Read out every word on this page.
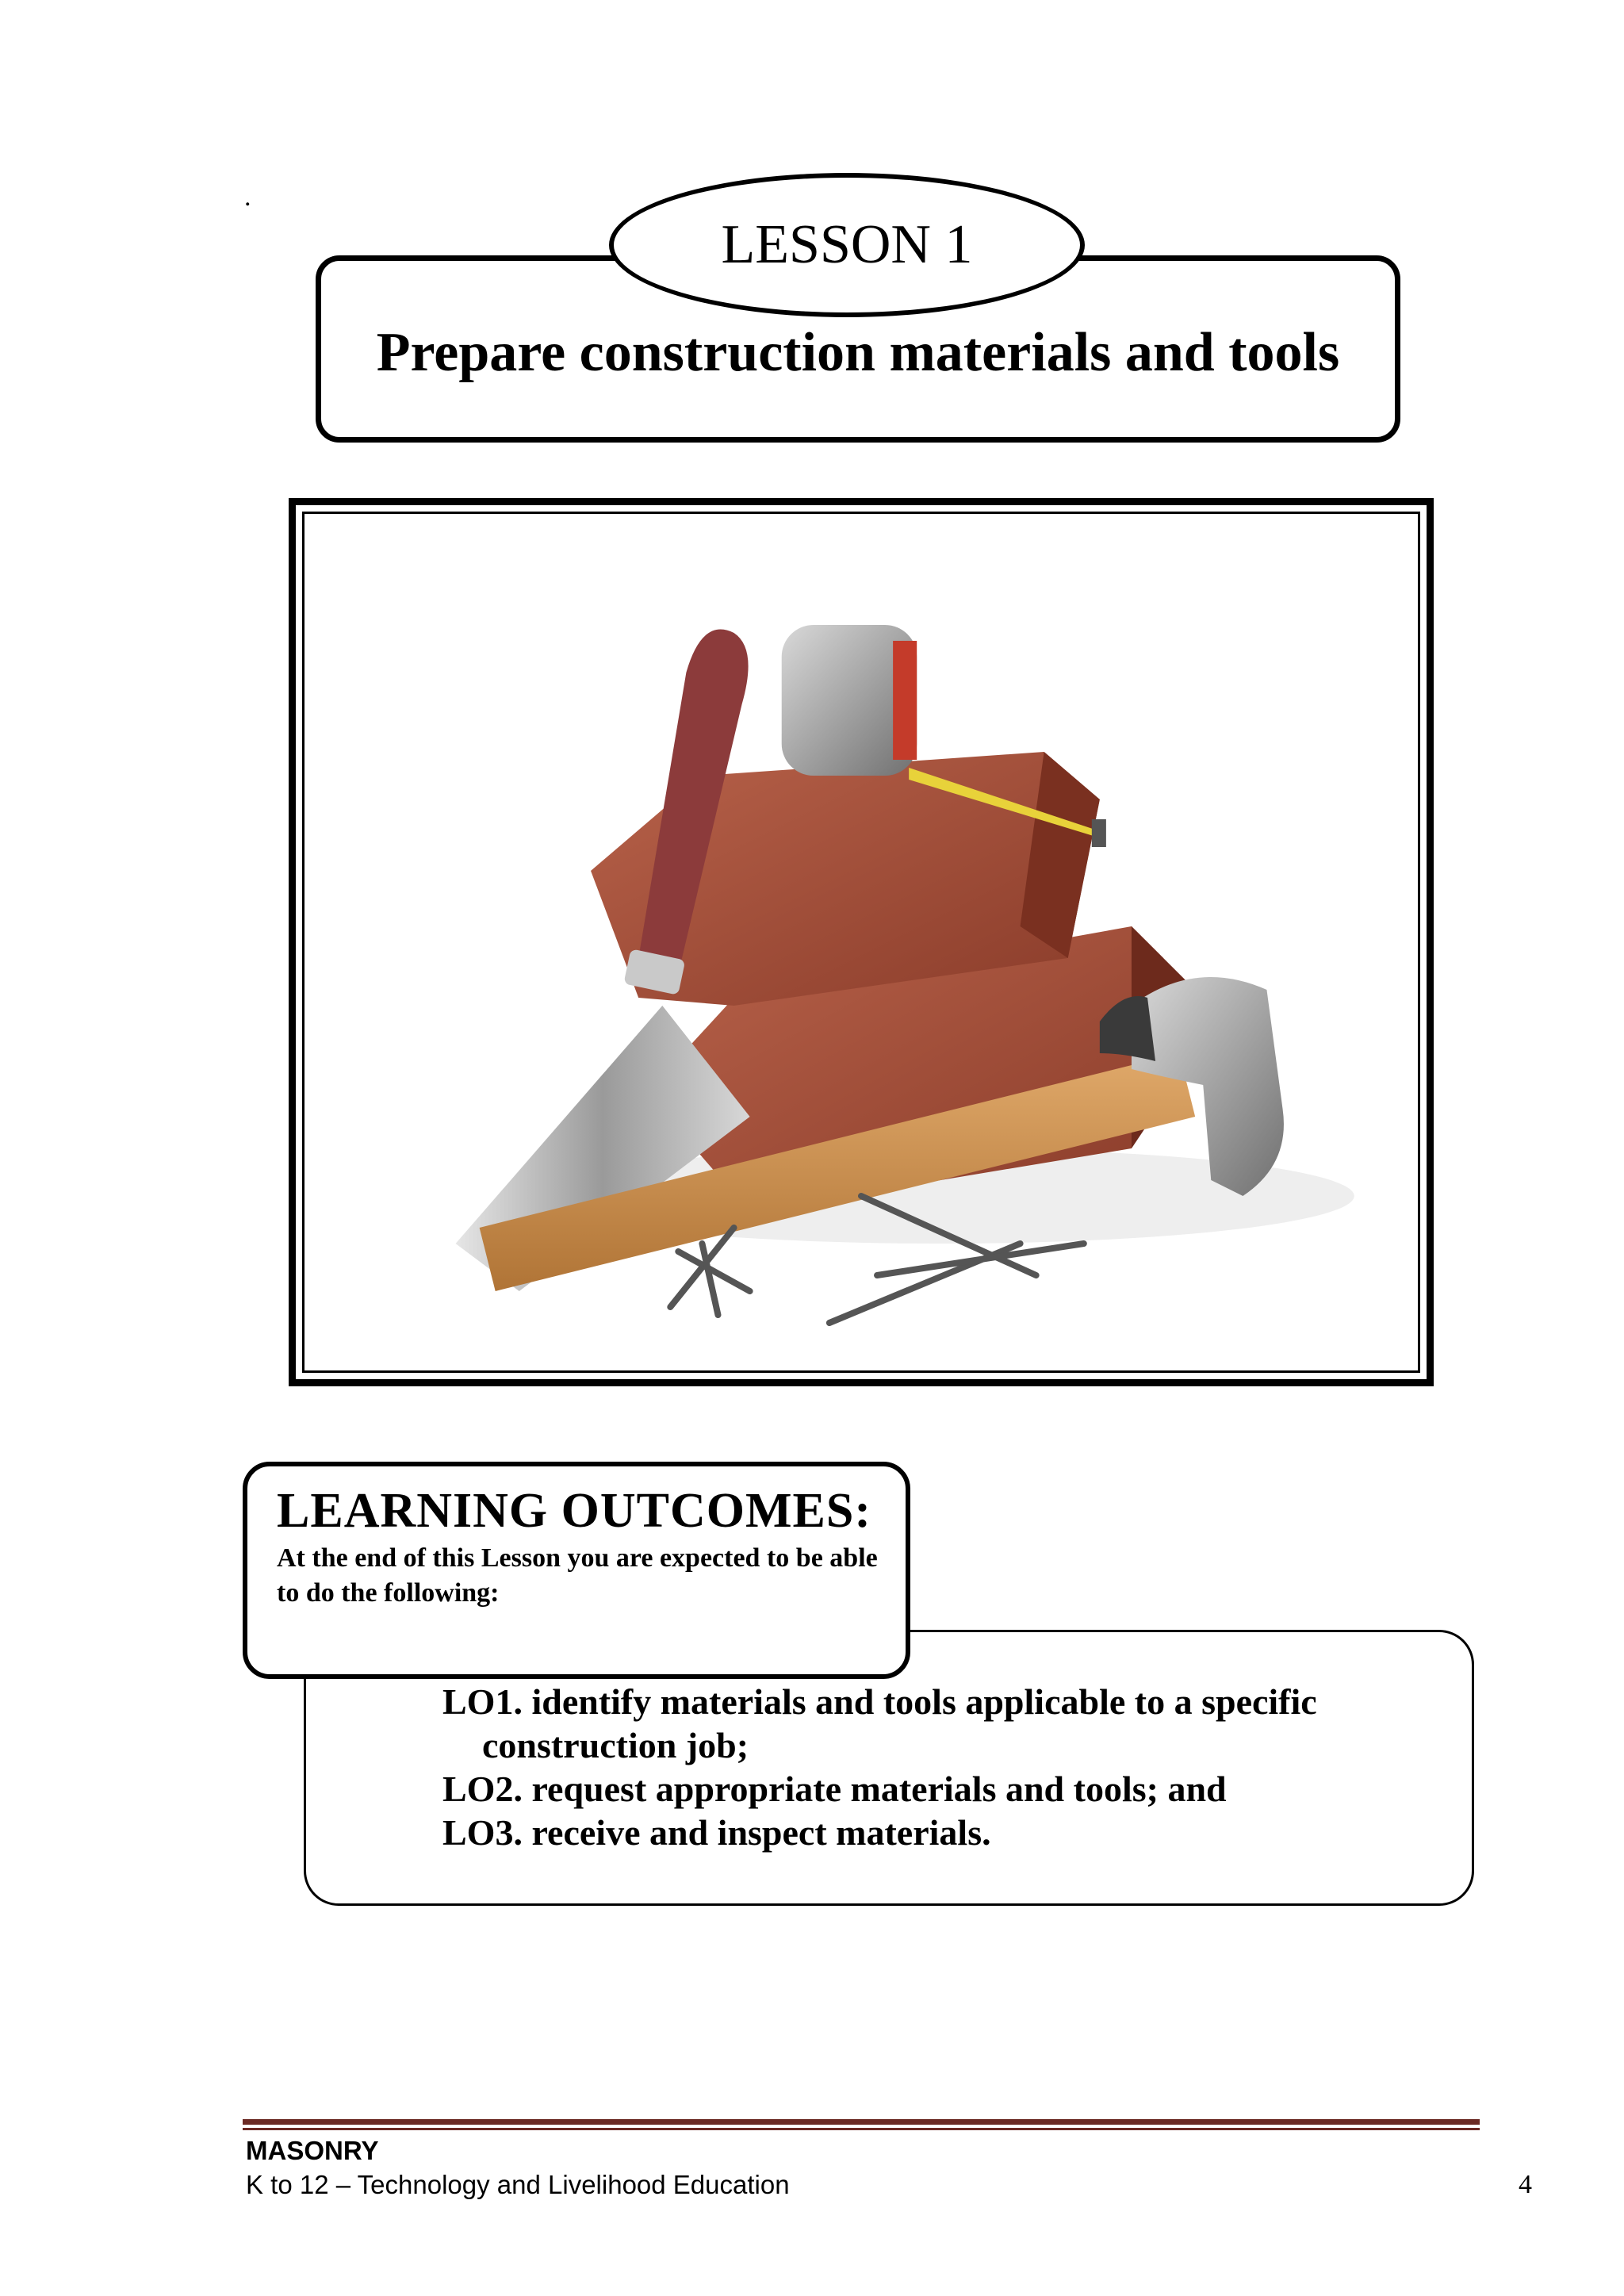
.
LESSON 1
Prepare construction materials and tools
LEARNING OUTCOMES:
At the end of this Lesson you are expected to be able to do the following:
LO1. identify materials and tools applicable to a specific construction job;
LO2. request appropriate materials and tools; and
LO3. receive and inspect materials.
MASONRY
K to 12 – Technology and Livelihood Education	4
